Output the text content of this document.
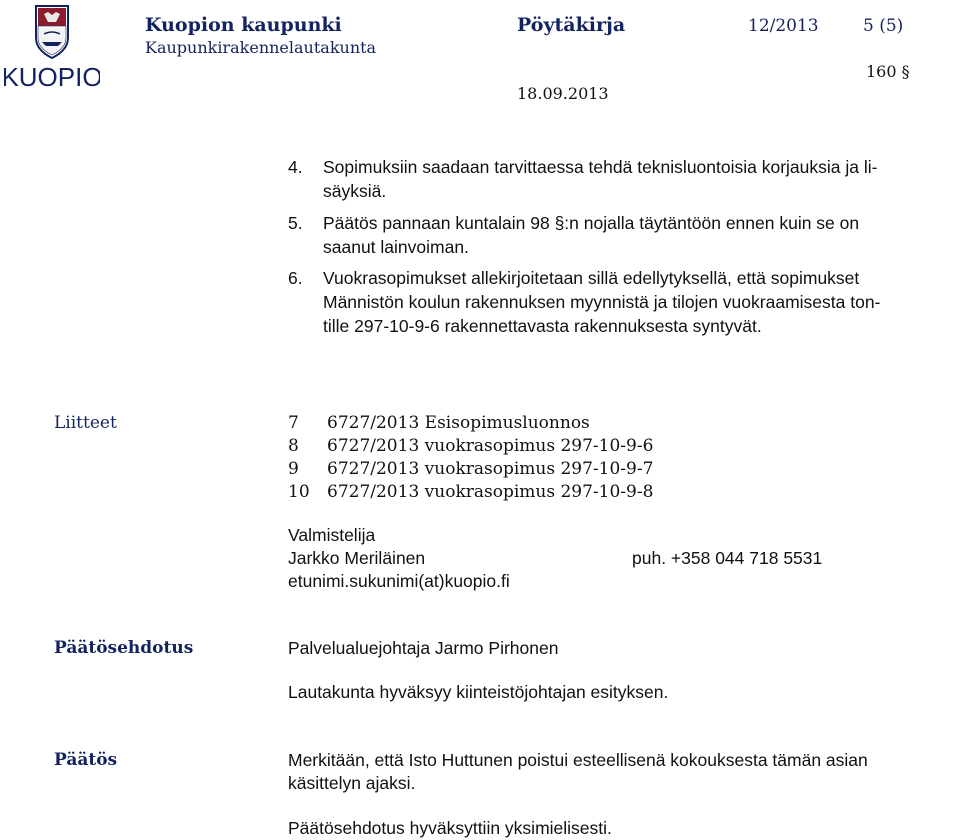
KUOPIO
Kuopion kaupunki
Kaupunkirakennelautakunta
Pöytäkirja	12/2013	5 (5)
160 §
18.09.2013
4. Sopimuksiin saadaan tarvittaessa tehdä teknisluontoisia korjauksia ja li-
säyksiä.
5. Päätös pannaan kuntalain 98 §:n nojalla täytäntöön ennen kuin se on
saanut lainvoiman.
6. Vuokrasopimukset allekirjoitetaan sillä edellytyksellä, että sopimukset
Männistön koulun rakennuksen myynnistä ja tilojen vuokraamisesta ton-
tille 297-10-9-6 rakennettavasta rakennuksesta syntyvät.
Liitteet	7	6727/2013 Esisopimusluonnos
8	6727/2013 vuokrasopimus 297-10-9-6
9	6727/2013 vuokrasopimus 297-10-9-7
10	6727/2013 vuokrasopimus 297-10-9-8
Valmistelija
Jarkko Meriläinen	puh. +358 044 718 5531
etunimi.sukunimi(at)kuopio.fi
Päätösehdotus	Palvelualuejohtaja Jarmo Pirhonen
Lautakunta hyväksyy kiinteistöjohtajan esityksen.
Päätös	Merkitään, että Isto Huttunen poistui esteellisenä kokouksesta tämän asian
käsittelyn ajaksi.
Päätösehdotus hyväksyttiin yksimielisesti.
